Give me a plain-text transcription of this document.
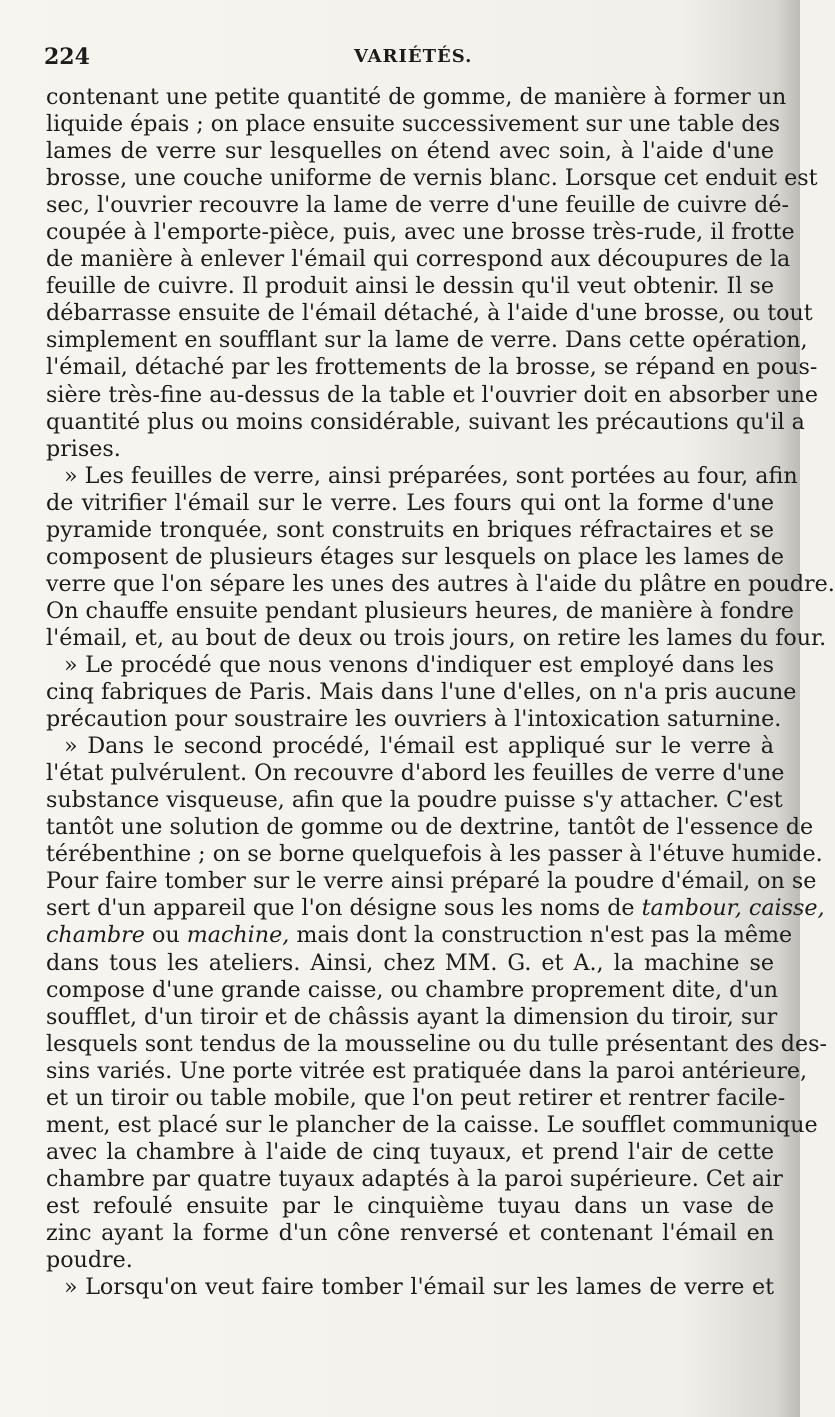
224	VARIÉTÉS.
contenant une petite quantité de gomme, de manière à former un
liquide épais ; on place ensuite successivement sur une table des
lames de verre sur lesquelles on étend avec soin, à l'aide d'une
brosse, une couche uniforme de vernis blanc. Lorsque cet enduit est
sec, l'ouvrier recouvre la lame de verre d'une feuille de cuivre dé-
coupée à l'emporte-pièce, puis, avec une brosse très-rude, il frotte
de manière à enlever l'émail qui correspond aux découpures de la
feuille de cuivre. Il produit ainsi le dessin qu'il veut obtenir. Il se
débarrasse ensuite de l'émail détaché, à l'aide d'une brosse, ou tout
simplement en soufflant sur la lame de verre. Dans cette opération,
l'émail, détaché par les frottements de la brosse, se répand en pous-
sière très-fine au-dessus de la table et l'ouvrier doit en absorber une
quantité plus ou moins considérable, suivant les précautions qu'il a
prises.
» Les feuilles de verre, ainsi préparées, sont portées au four, afin
de vitrifier l'émail sur le verre. Les fours qui ont la forme d'une
pyramide tronquée, sont construits en briques réfractaires et se
composent de plusieurs étages sur lesquels on place les lames de
verre que l'on sépare les unes des autres à l'aide du plâtre en poudre.
On chauffe ensuite pendant plusieurs heures, de manière à fondre
l'émail, et, au bout de deux ou trois jours, on retire les lames du four.
» Le procédé que nous venons d'indiquer est employé dans les
cinq fabriques de Paris. Mais dans l'une d'elles, on n'a pris aucune
précaution pour soustraire les ouvriers à l'intoxication saturnine.
» Dans le second procédé, l'émail est appliqué sur le verre à
l'état pulvérulent. On recouvre d'abord les feuilles de verre d'une
substance visqueuse, afin que la poudre puisse s'y attacher. C'est
tantôt une solution de gomme ou de dextrine, tantôt de l'essence de
térébenthine ; on se borne quelquefois à les passer à l'étuve humide.
Pour faire tomber sur le verre ainsi préparé la poudre d'émail, on se
sert d'un appareil que l'on désigne sous les noms de tambour, caisse,
chambre ou machine, mais dont la construction n'est pas la même
dans tous les ateliers. Ainsi, chez MM. G. et A., la machine se
compose d'une grande caisse, ou chambre proprement dite, d'un
soufflet, d'un tiroir et de châssis ayant la dimension du tiroir, sur
lesquels sont tendus de la mousseline ou du tulle présentant des des-
sins variés. Une porte vitrée est pratiquée dans la paroi antérieure,
et un tiroir ou table mobile, que l'on peut retirer et rentrer facile-
ment, est placé sur le plancher de la caisse. Le soufflet communique
avec la chambre à l'aide de cinq tuyaux, et prend l'air de cette
chambre par quatre tuyaux adaptés à la paroi supérieure. Cet air
est refoulé ensuite par le cinquième tuyau dans un vase de
zinc ayant la forme d'un cône renversé et contenant l'émail en
poudre.
» Lorsqu'on veut faire tomber l'émail sur les lames de verre et
